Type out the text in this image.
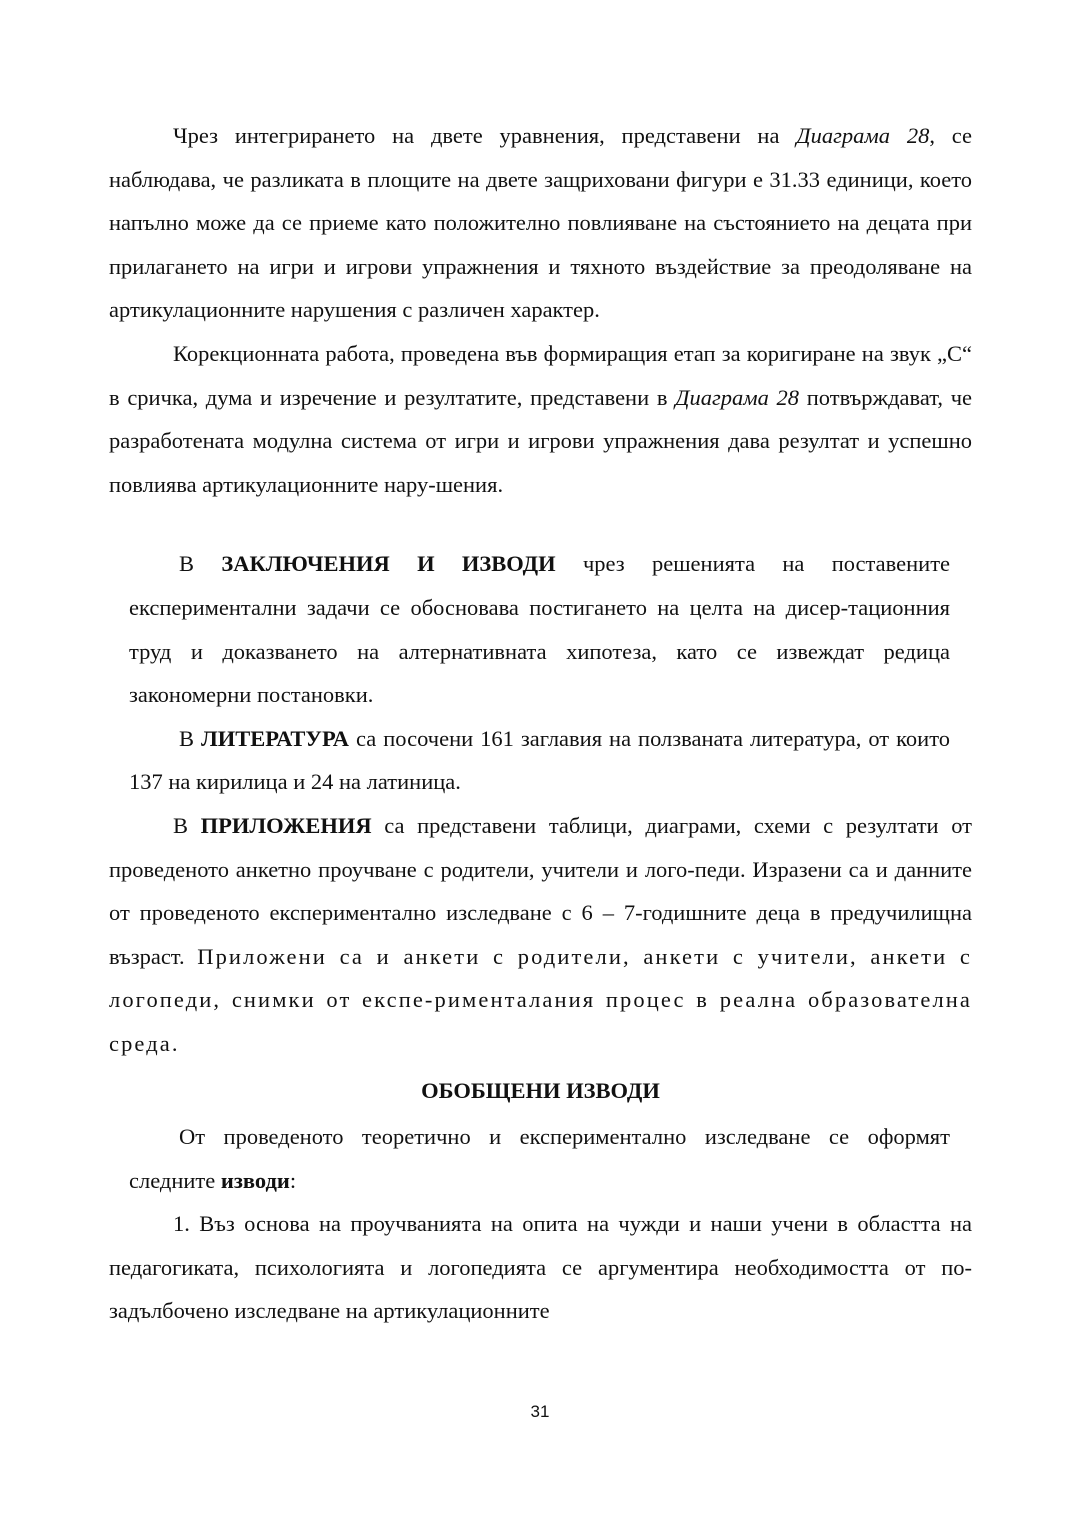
Чрез интегрирането на двете уравнения, представени на Диаграма 28, се наблюдава, че разликата в площите на двете защриховани фигури е 31.33 единици, което напълно може да се приеме като положително повлияване на състоянието на децата при прилагането на игри и игрови упражнения и тяхното въздействие за преодоляване на артикулационните нарушения с различен характер.

Корекционната работа, проведена във формиращия етап за коригиране на звук „С“ в сричка, дума и изречение и резултатите, представени в Диаграма 28 потвърждават, че разработената модулна система от игри и игрови упражнения дава резултат и успешно повлиява артикулационните нару-шения.

В ЗАКЛЮЧЕНИЯ И ИЗВОДИ чрез решенията на поставените експериментални задачи се обосновава постигането на целта на дисер-тационния труд и доказването на алтернативната хипотеза, като се извеждат редица закономерни постановки.

В ЛИТЕРАТУРА са посочени 161 заглавия на ползваната литература, от които 137 на кирилица и 24 на латиница.

В ПРИЛОЖЕНИЯ са представени таблици, диаграми, схеми с резултати от проведеното анкетно проучване с родители, учители и лого-педи. Изразени са и данните от проведеното експериментално изследване с 6 – 7-годишните деца в предучилищна възраст. Приложени са и анкети с родители, анкети с учители, анкети с логопеди, снимки от експе-рименталания процес в реална образователна среда.

ОБОБЩЕНИ ИЗВОДИ

От проведеното теоретично и експериментално изследване се оформят следните изводи:

1. Въз основа на проучванията на опита на чужди и наши учени в областта на педагогиката, психологията и логопедията се аргументира необходимостта от по-задълбочено изследване на артикулационните

31
